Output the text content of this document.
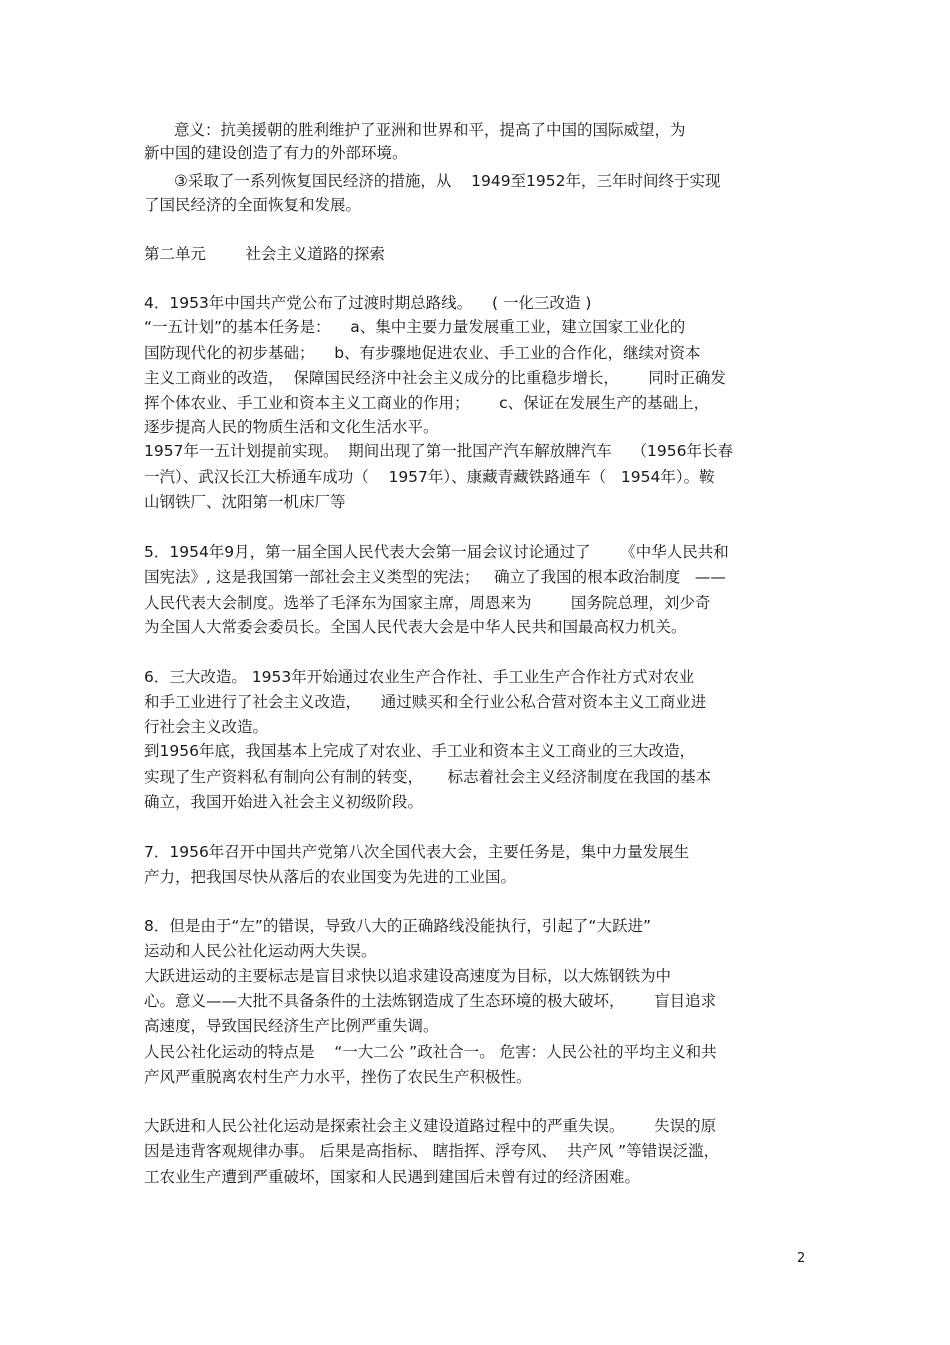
意义：抗美援朝的胜利维护了亚洲和世界和平，提高了中国的国际威望，为
新中国的建设创造了有力的外部环境。
③采取了一系列恢复国民经济的措施，从    1949至1952年，三年时间终于实现
了国民经济的全面恢复和发展。
第二单元        社会主义道路的探索
4．1953年中国共产党公布了过渡时期总路线。    ( 一化三改造 )
“一五计划”的基本任务是：    a、集中主要力量发展重工业，建立国家工业化的
国防现代化的初步基础；    b、有步骤地促进农业、手工业的合作化，继续对资本
主义工商业的改造，  保障国民经济中社会主义成分的比重稳步增长，      同时正确发
挥个体农业、手工业和资本主义工商业的作用；      c、保证在发展生产的基础上，
逐步提高人民的物质生活和文化生活水平。
1957年一五计划提前实现。  期间出现了第一批国产汽车解放牌汽车    （1956年长春
一汽）、武汉长江大桥通车成功（    1957年）、康藏青藏铁路通车（   1954年）。鞍
山钢铁厂、沈阳第一机床厂等
5．1954年9月，第一届全国人民代表大会第一届会议讨论通过了      《中华人民共和
国宪法》, 这是我国第一部社会主义类型的宪法；   确立了我国的根本政治制度   ——
人民代表大会制度。选举了毛泽东为国家主席，周恩来为        国务院总理，刘少奇
为全国人大常委会委员长。全国人民代表大会是中华人民共和国最高权力机关。
6．三大改造。 1953年开始通过农业生产合作社、手工业生产合作社方式对农业
和手工业进行了社会主义改造，    通过赎买和全行业公私合营对资本主义工商业进
行社会主义改造。
到1956年底，我国基本上完成了对农业、手工业和资本主义工商业的三大改造，
实现了生产资料私有制向公有制的转变，     标志着社会主义经济制度在我国的基本
确立，我国开始进入社会主义初级阶段。
7．1956年召开中国共产党第八次全国代表大会，主要任务是，集中力量发展生
产力，把我国尽快从落后的农业国变为先进的工业国。
8．但是由于“左”的错误，导致八大的正确路线没能执行，引起了“大跃进”
运动和人民公社化运动两大失误。
大跃进运动的主要标志是盲目求快以追求建设高速度为目标，以大炼钢铁为中
心。意义——大批不具备条件的土法炼钢造成了生态环境的极大破坏，      盲目追求
高速度，导致国民经济生产比例严重失调。
人民公社化运动的特点是    “一大二公 ”政社合一。 危害：人民公社的平均主义和共
产风严重脱离农村生产力水平，挫伤了农民生产积极性。
大跃进和人民公社化运动是探索社会主义建设道路过程中的严重失误。      失误的原
因是违背客观规律办事。 后果是高指标、 瞎指挥、浮夸风、  共产风 ”等错误泛滥，
工农业生产遭到严重破坏，国家和人民遇到建国后未曾有过的经济困难。
2
